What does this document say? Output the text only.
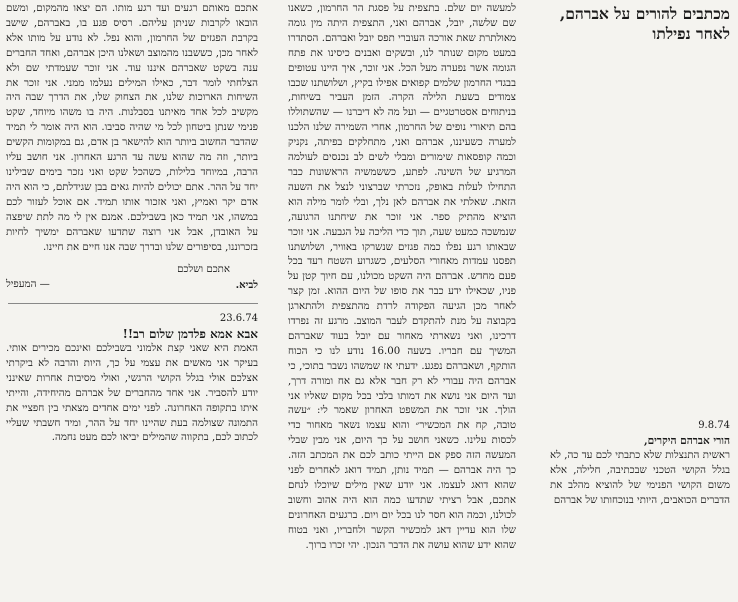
מכתבים להורים על אברהם, לאחר נפילתו

9.8.74

הורי אברהם היקרים,

ראשית התנצלות שלא כתבתי לכם עד כה, לא בגלל הקושי הטכני שבכתיבה, חלילה, אלא משום הקושי הפנימי של להוציא מהלב את הדברים הכואבים, היותי בנוכחותו של אברהם

למעשה יום שלם. בתצפית על פסגת הר החרמון, כשאנו שם שלשה, יובל, אברהם ואני, התצפית היתה מין גומה מאולתרת שאת אורכה העוברי תפס יובל ואברהם. הסתדרו במעט מקום שנותר לנו, ובשקים ואבנים כיסינו את פתח הגומה אשר נפערה מעל הכל. אני זוכר, איך היינו עטופים בבגדי החרמון שלמים קפואים אפילו בקיץ, ושלושתנו שכבו צמודים בשעת הלילה הקרה. הזמן העביר בשיחות, בניתוחים אסטרטגיים — ועל מה לא דיברנו — שהשתוללו בהם תיאורי נופים של החרמון, אחרי השמירה שלנו הלכנו למערה כשעיננו, אברהם ואני, מתחלקים בפיתה, נקניק וכמה קופסאות שימורים ומבלי לשים לב נכנסים לעולמה המרגיע של השינה. לפתע, כששמשיה הראשונות כבר התחילו לעלות באופק, נזכרתי שברצוני לנצל את השעה הזאת. שאלתי את אברהם לאן נלך, ובלי לומר מילה הוא הוציא מהתיק ספר. אני זוכר את שיחתנו הרגועה, שנמשכה כמעט שעה, תוך כדי הליכה על הגבעה. אני זוכר שבאותו רגע נפלו כמה פגזים שנשרקו באוויר, ושלושתנו תפסנו עמדות מאחורי הסלעים, כשגרוע השטח רעד בכל פעם מחדש. אברהם היה השקט מכולנו, עם חיוך קטן על פניו, שכאילו ידע כבר את סופו של היום ההוא. זמן קצר לאחר מכן הגיעה הפקודה לרדת מהתצפית ולהתארגן בקבוצה על מנת להתקדם לעבר המוצב. מרגע זה נפרדו דרכינו, ואני נשארתי מאחור עם יובל בעוד שאברהם המשיך עם חבריו. בשעה 16.00 נודע לנו כי הכוח הותקף, ושאברהם נפגע. ידעתי אז שמשהו נשבר בתוכי, כי אברהם היה עבורי לא רק חבר אלא גם אח ומורה דרך, ועד היום אני נושא את דמותו בלבי בכל מקום שאליו אני הולך. אני זוכר את המשפט האחרון שאמר לי: ״עשה טובה, קח את המכשיר״ והוא עצמו נשאר מאחור כדי לכסות עלינו. כשאני חושב על כך היום, אני מבין שבלי המעשה הזה ספק אם הייתי כותב לכם את המכתב הזה. כך היה אברהם — תמיד נותן, תמיד דואג לאחרים לפני שהוא דואג לעצמו. אני יודע שאין מילים שיוכלו לנחם אתכם, אבל רציתי שתדעו כמה הוא היה אהוב וחשוב לכולנו, וכמה הוא חסר לנו בכל יום ויום. ברגעים האחרונים שלו הוא עדיין דאג למכשיר הקשר ולחבריו, ואני בטוח שהוא ידע שהוא עושה את הדבר הנכון. יהי זכרו ברוך.

אתכם מאותם רגעים ועד רגע מותו. הם יצאו מהמקום, ומשם הובאו לקרבות שניתן עליהם. רסיס פגע בו, באברהם, שישב בקרבת הפגזים של החרמון, והוא נפל. לא נודע על מותו אלא לאחר מכן, כששבנו מהמוצב ושאלנו היכן אברהם, ואחד החברים ענה בשקט שאברהם איננו עוד. אני זוכר שעמדתי שם ולא הצלחתי לומר דבר, כאילו המילים נעלמו ממני. אני זוכר את השיחות הארוכות שלנו, את הצחוק שלו, את הדרך שבה היה מקשיב לכל אחד מאיתנו בסבלנות. היה בו משהו מיוחד, שקט פנימי שנתן ביטחון לכל מי שהיה סביבו. הוא היה אומר לי תמיד שהדבר החשוב ביותר הוא להישאר בן אדם, גם במקומות הקשים ביותר, וזה מה שהוא עשה עד הרגע האחרון. אני חושב עליו הרבה, במיוחד בלילות, כשהכל שקט ואני נזכר בימים שבילינו יחד על ההר. אתם יכולים להיות גאים בבן שגידלתם, כי הוא היה אדם יקר ואמיץ, ואני אזכור אותו תמיד. אם אוכל לעזור לכם במשהו, אני תמיד כאן בשבילכם. אמנם אין לי מה לתת שיפצה על האובדן, אבל אני רוצה שתדעו שאברהם ימשיך לחיות בזכרוננו, בסיפורים שלנו ובדרך שבה אנו חיים את חיינו.

אתכם ושלכם
לביא.
— המעפיל

23.6.74

אבא אמא פלדמן שלום רב!!

האמת היא שאני קצת אלמוני בשבילכם ואינכם מכירים אותי. בעיקר אני מאשים את עצמי על כך, היות והרבה לא ביקרתי אצלכם אולי בגלל הקושי הרגשי, ואולי מסיבות אחרות שאינני יודע להסביר. אני אחד מהחברים של אברהם מהיחידה, והייתי איתו בתקופה האחרונה. לפני ימים אחדים מצאתי בין חפציי את התמונה שצולמה בעת שהיינו יחד על ההר, ומיד חשבתי שעליי לכתוב לכם, בתקווה שהמילים יביאו לכם מעט נחמה.
